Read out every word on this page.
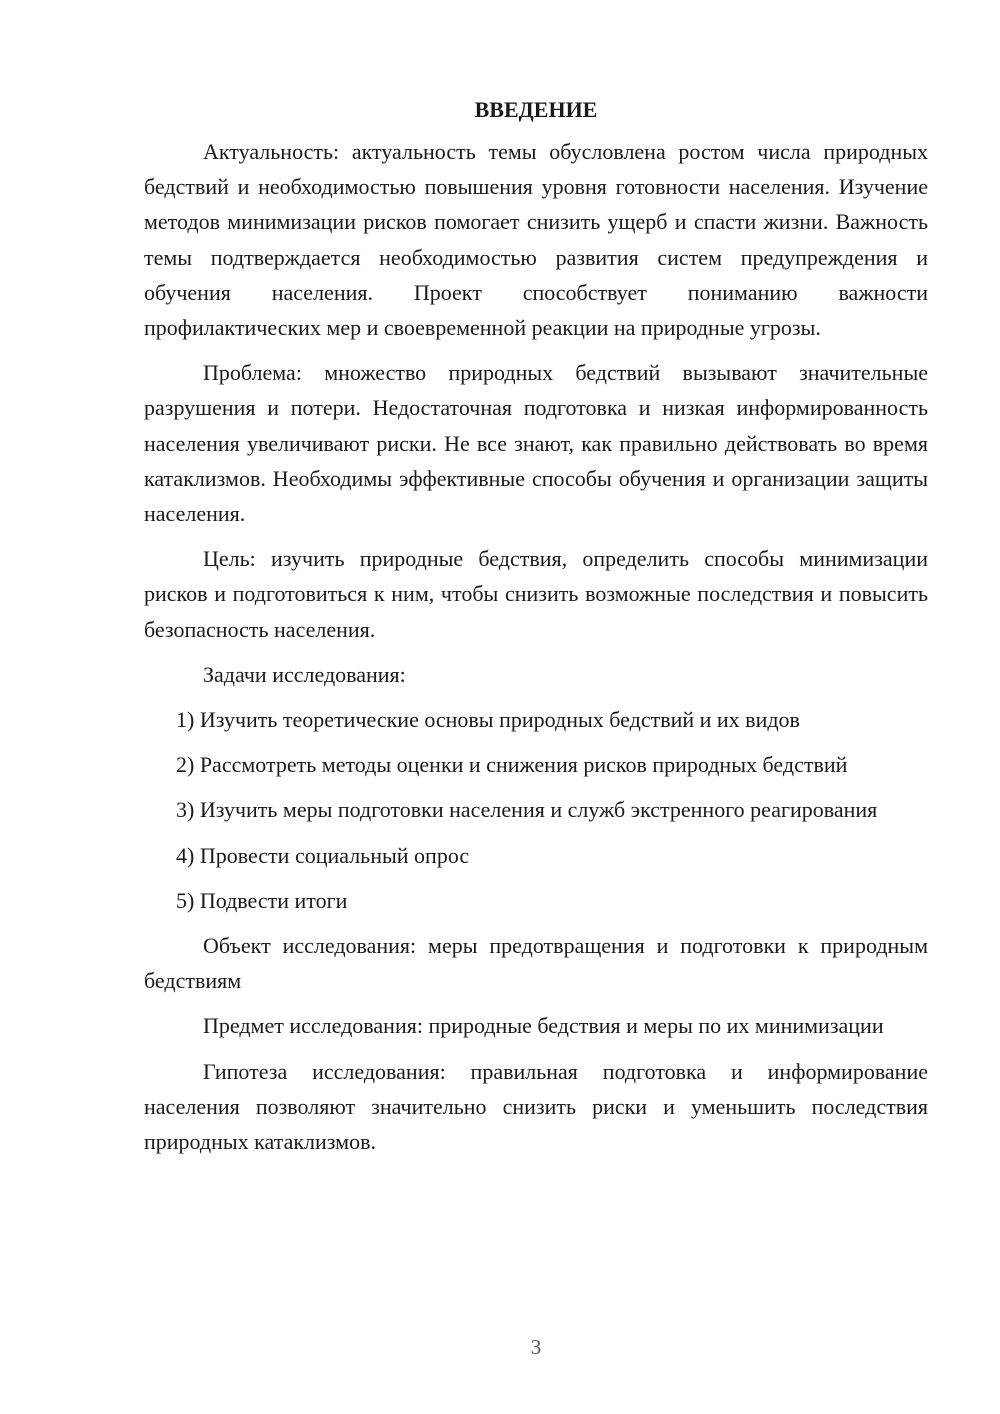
ВВЕДЕНИЕ

Актуальность: актуальность темы обусловлена ростом числа природных бедствий и необходимостью повышения уровня готовности населения. Изучение методов минимизации рисков помогает снизить ущерб и спасти жизни. Важность темы подтверждается необходимостью развития систем предупреждения и обучения населения. Проект способствует пониманию важности профилактических мер и своевременной реакции на природные угрозы.

Проблема: множество природных бедствий вызывают значительные разрушения и потери. Недостаточная подготовка и низкая информированность населения увеличивают риски. Не все знают, как правильно действовать во время катаклизмов. Необходимы эффективные способы обучения и организации защиты населения.

Цель: изучить природные бедствия, определить способы минимизации рисков и подготовиться к ним, чтобы снизить возможные последствия и повысить безопасность населения.

Задачи исследования:

1) Изучить теоретические основы природных бедствий и их видов

2) Рассмотреть методы оценки и снижения рисков природных бедствий

3) Изучить меры подготовки населения и служб экстренного реагирования

4) Провести социальный опрос

5) Подвести итоги

Объект исследования: меры предотвращения и подготовки к природным бедствиям

Предмет исследования: природные бедствия и меры по их минимизации

Гипотеза исследования: правильная подготовка и информирование населения позволяют значительно снизить риски и уменьшить последствия природных катаклизмов.

3
